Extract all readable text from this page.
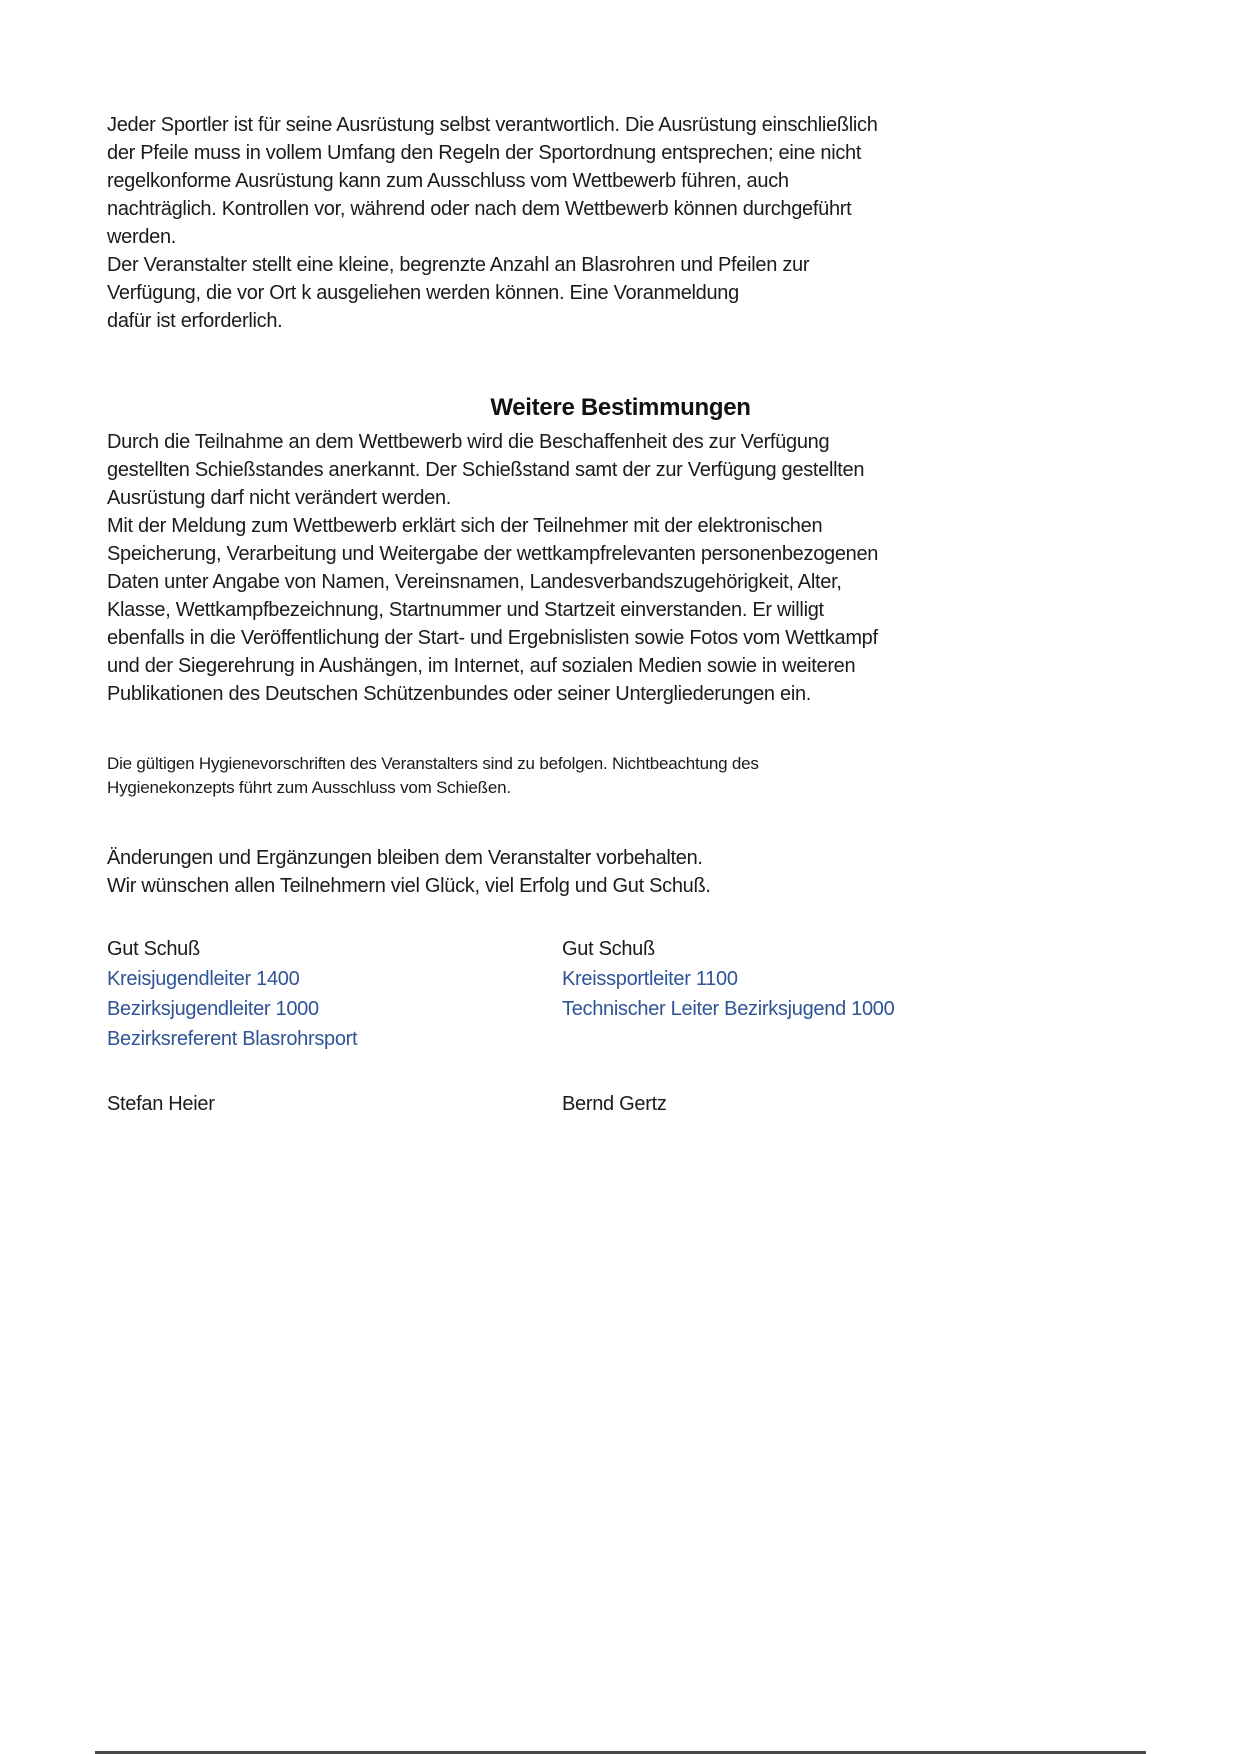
Jeder Sportler ist für seine Ausrüstung selbst verantwortlich. Die Ausrüstung einschließlich
der Pfeile muss in vollem Umfang den Regeln der Sportordnung entsprechen; eine nicht
regelkonforme Ausrüstung kann zum Ausschluss vom Wettbewerb führen, auch
nachträglich. Kontrollen vor, während oder nach dem Wettbewerb können durchgeführt
werden.
Der Veranstalter stellt eine kleine, begrenzte Anzahl an Blasrohren und Pfeilen zur
Verfügung, die vor Ort k ausgeliehen werden können. Eine Voranmeldung
dafür ist erforderlich.
Weitere Bestimmungen
Durch die Teilnahme an dem Wettbewerb wird die Beschaffenheit des zur Verfügung
gestellten Schießstandes anerkannt. Der Schießstand samt der zur Verfügung gestellten
Ausrüstung darf nicht verändert werden.
Mit der Meldung zum Wettbewerb erklärt sich der Teilnehmer mit der elektronischen
Speicherung, Verarbeitung und Weitergabe der wettkampfrelevanten personenbezogenen
Daten unter Angabe von Namen, Vereinsnamen, Landesverbandszugehörigkeit, Alter,
Klasse, Wettkampfbezeichnung, Startnummer und Startzeit einverstanden. Er willigt
ebenfalls in die Veröffentlichung der Start- und Ergebnislisten sowie Fotos vom Wettkampf
und der Siegerehrung in Aushängen, im Internet, auf sozialen Medien sowie in weiteren
Publikationen des Deutschen Schützenbundes oder seiner Untergliederungen ein.
Die gültigen Hygienevorschriften des Veranstalters sind zu befolgen. Nichtbeachtung des
Hygienekonzepts führt zum Ausschluss vom Schießen.
Änderungen und Ergänzungen bleiben dem Veranstalter vorbehalten.
Wir wünschen allen Teilnehmern viel Glück, viel Erfolg und Gut Schuß.
Gut Schuß
Kreisjugendleiter 1400
Bezirksjugendleiter 1000
Bezirksreferent Blasrohrsport
Gut Schuß
Kreissportleiter 1100
Technischer Leiter Bezirksjugend 1000
Stefan Heier	Bernd Gertz
